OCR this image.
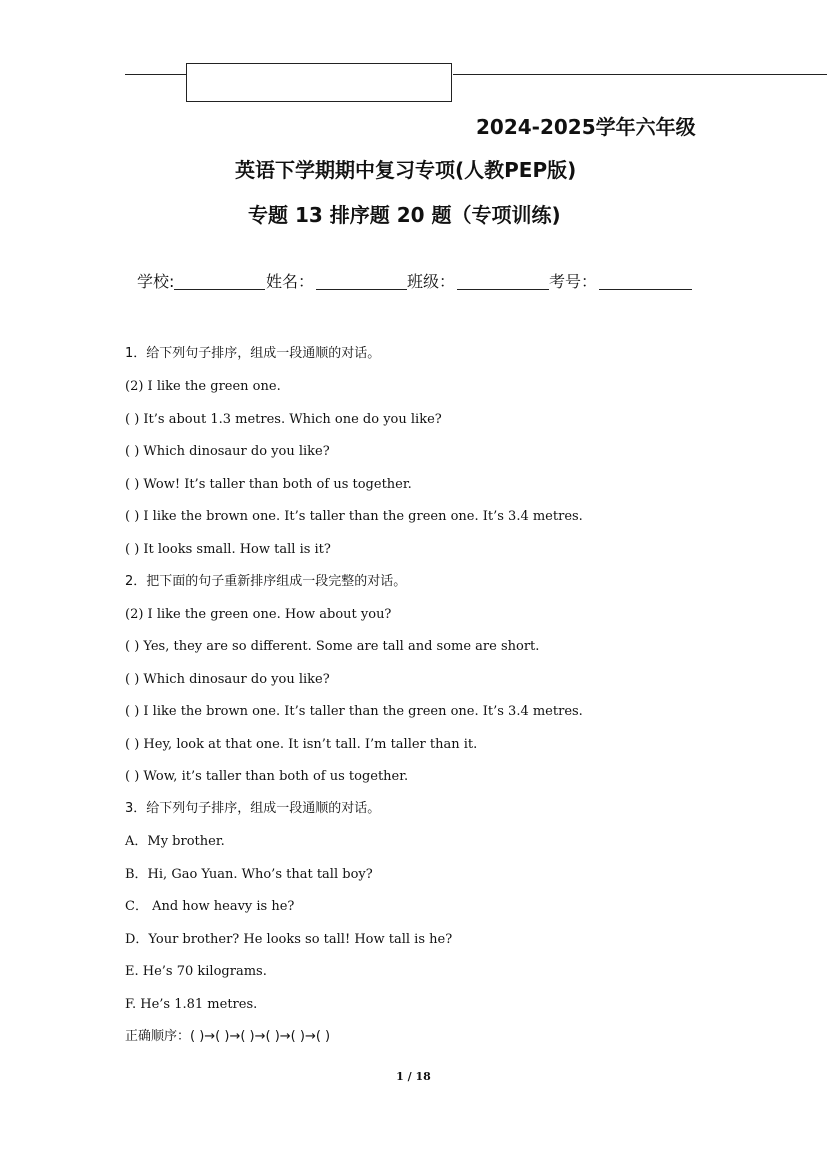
2024-2025学年六年级
英语下学期期中复习专项(人教PEP版)
专题 13 排序题 20 题（专项训练)
学校:	姓名：	班级：	考号：
1．给下列句子排序，组成一段通顺的对话。
(2) I like the green one.
( ) It’s about 1.3 metres. Which one do you like?
( ) Which dinosaur do you like?
( ) Wow! It’s taller than both of us together.
( ) I like the brown one. It’s taller than the green one. It’s 3.4 metres.
( ) It looks small. How tall is it?
2．把下面的句子重新排序组成一段完整的对话。
(2) I like the green one. How about you?
( ) Yes, they are so different. Some are tall and some are short.
( ) Which dinosaur do you like?
( ) I like the brown one. It’s taller than the green one. It’s 3.4 metres.
( ) Hey, look at that one. It isn’t tall. I’m taller than it.
( ) Wow, it’s taller than both of us together.
3．给下列句子排序，组成一段通顺的对话。
A．My brother.
B．Hi, Gao Yuan. Who’s that tall boy?
C． And how heavy is he?
D．Your brother? He looks so tall! How tall is he?
E. He’s 70 kilograms.
F. He’s 1.81 metres.
正确顺序：( )→( )→( )→( )→( )→( )
1 / 18
